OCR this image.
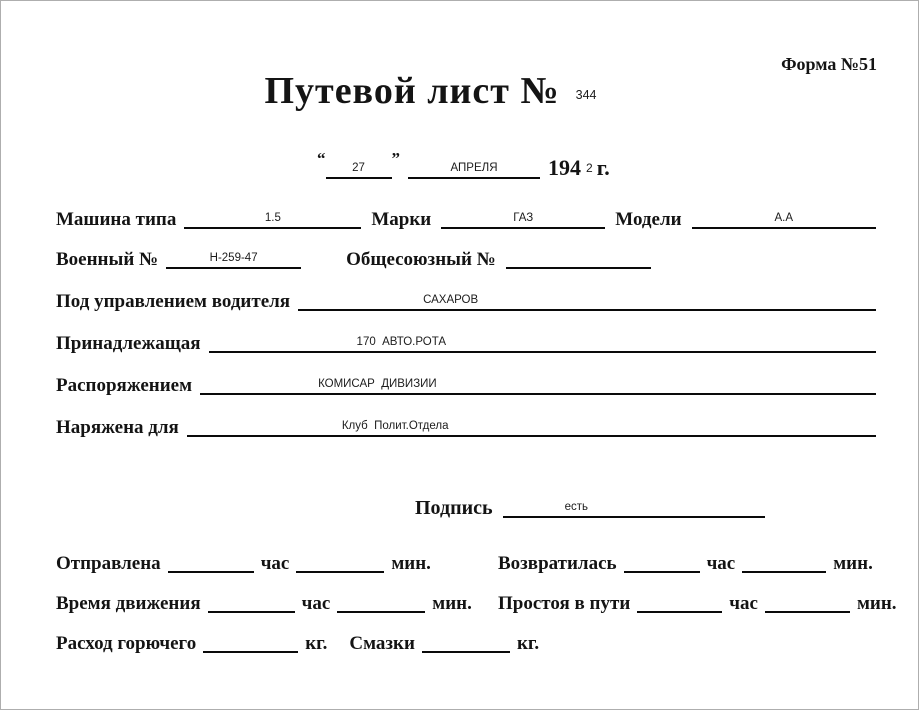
Форма №51
Путевой лист № 344
“ 27 ”	АПРЕЛЯ 194 2 г.
Машина типа	1.5	Марки	ГАЗ	Модели	А.А
Военный №	Н-259-47	Общесоюзный №
Под управлением водителя	САХАРОВ
Принадлежащая	170  АВТО.РОТА
Распоряжением	КОМИСАР  ДИВИЗИИ
Наряжена для	Клуб  Полит.Отдела
Подпись	есть
Отправлена	час	мин.	Возвратилась	час	мин.
Время движения	час	мин. Простоя в пути	час	мин.
Расход горючего	кг. Смазки	кг.
